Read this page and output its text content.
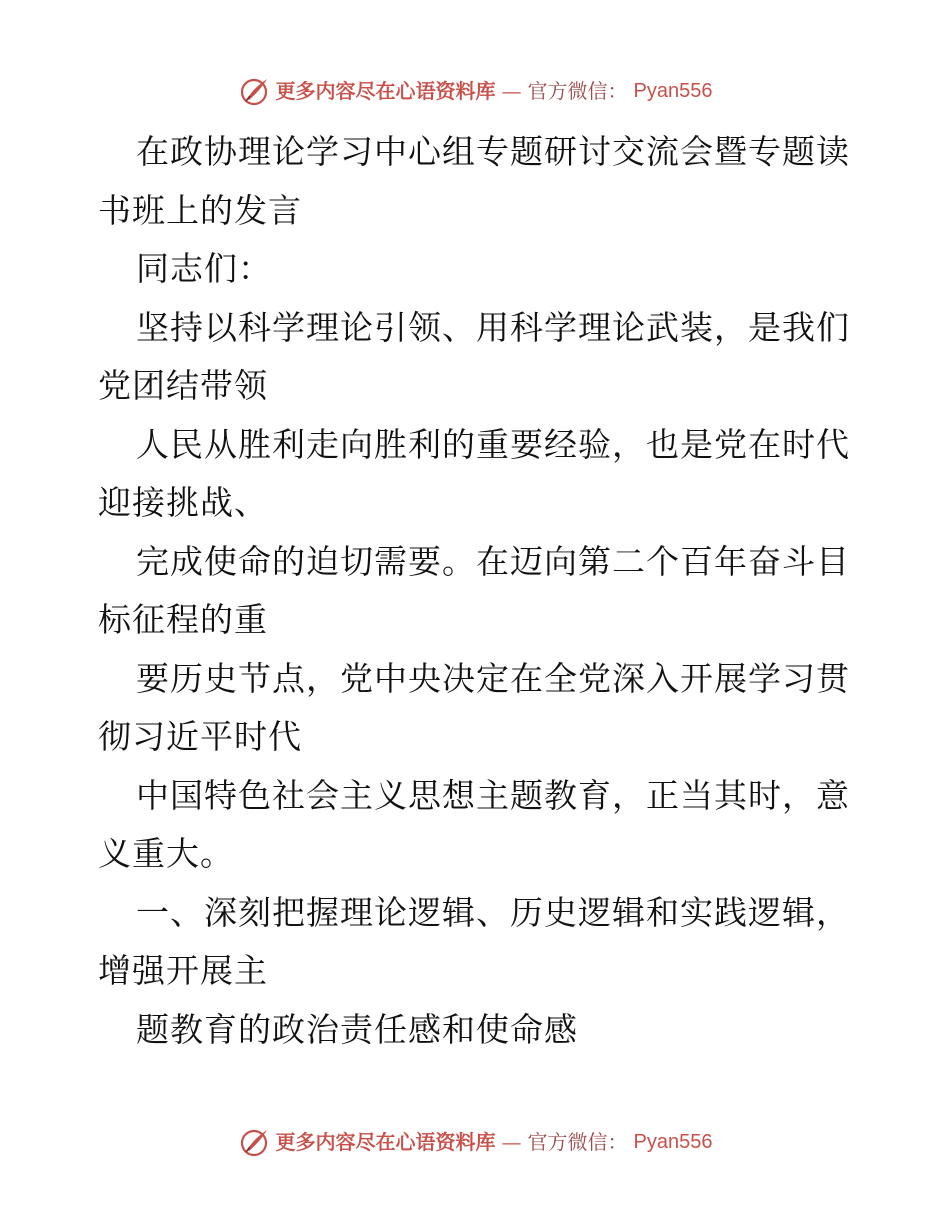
更多内容尽在心语资料库 — 官方微信： Pyan556
在政协理论学习中心组专题研讨交流会暨专题读
书班上的发言
同志们：
坚持以科学理论引领、用科学理论武装，是我们
党团结带领
人民从胜利走向胜利的重要经验，也是党在时代
迎接挑战、
完成使命的迫切需要。在迈向第二个百年奋斗目
标征程的重
要历史节点，党中央决定在全党深入开展学习贯
彻习近平时代
中国特色社会主义思想主题教育，正当其时，意
义重大。
一、深刻把握理论逻辑、历史逻辑和实践逻辑，
增强开展主
题教育的政治责任感和使命感
更多内容尽在心语资料库 — 官方微信： Pyan556
